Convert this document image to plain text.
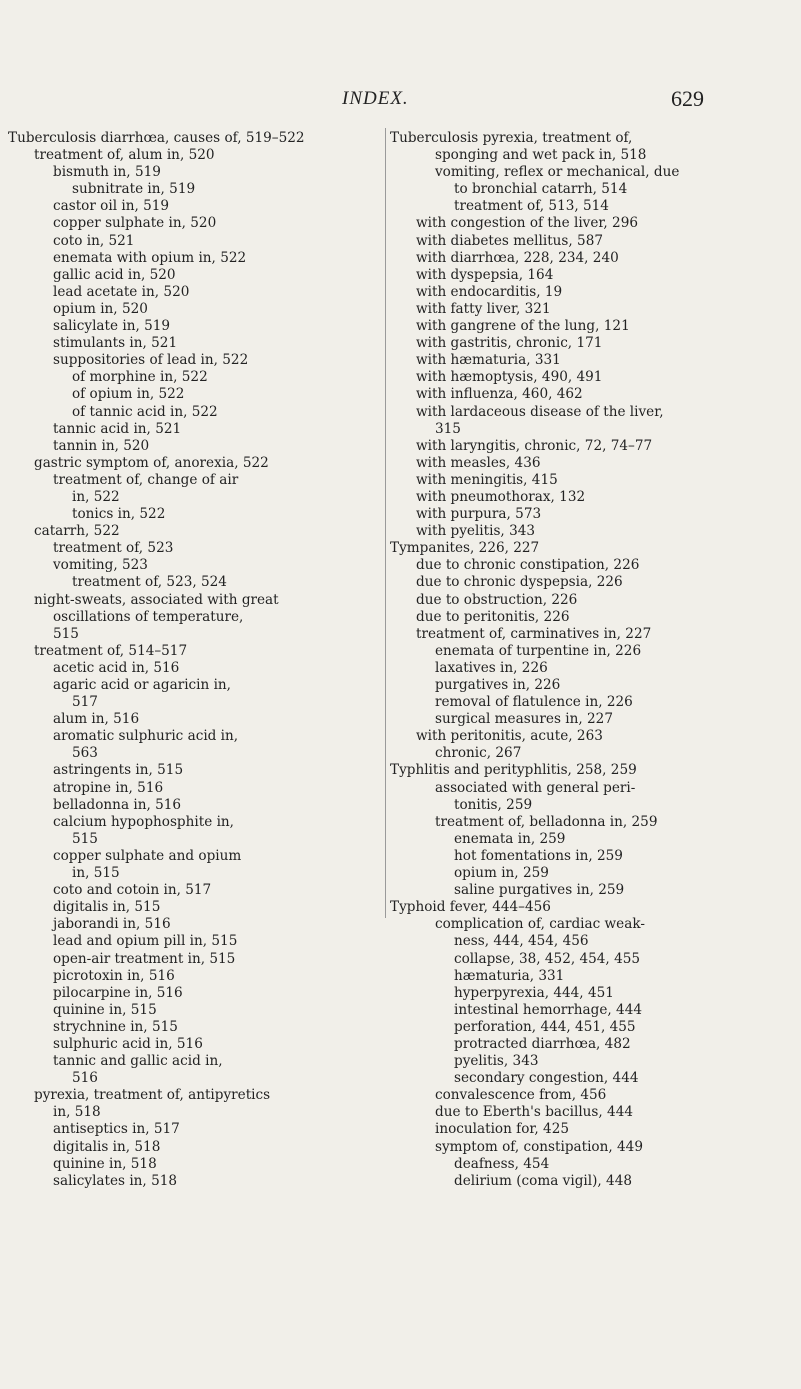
INDEX.	629
Tuberculosis diarrhœa, causes of, 519–522
treatment of, alum in, 520
bismuth in, 519
subnitrate in, 519
castor oil in, 519
copper sulphate in, 520
coto in, 521
enemata with opium in, 522
gallic acid in, 520
lead acetate in, 520
opium in, 520
salicylate in, 519
stimulants in, 521
suppositories of lead in, 522
of morphine in, 522
of opium in, 522
of tannic acid in, 522
tannic acid in, 521
tannin in, 520
gastric symptom of, anorexia, 522
treatment of, change of air
in, 522
tonics in, 522
catarrh, 522
treatment of, 523
vomiting, 523
treatment of, 523, 524
night-sweats, associated with great
oscillations of temperature,
515
treatment of, 514–517
acetic acid in, 516
agaric acid or agaricin in,
517
alum in, 516
aromatic sulphuric acid in,
563
astringents in, 515
atropine in, 516
belladonna in, 516
calcium hypophosphite in,
515
copper sulphate and opium
in, 515
coto and cotoin in, 517
digitalis in, 515
jaborandi in, 516
lead and opium pill in, 515
open-air treatment in, 515
picrotoxin in, 516
pilocarpine in, 516
quinine in, 515
strychnine in, 515
sulphuric acid in, 516
tannic and gallic acid in,
516
pyrexia, treatment of, antipyretics
in, 518
antiseptics in, 517
digitalis in, 518
quinine in, 518
salicylates in, 518
Tuberculosis pyrexia, treatment of,
sponging and wet pack in, 518
vomiting, reflex or mechanical, due
to bronchial catarrh, 514
treatment of, 513, 514
with congestion of the liver, 296
with diabetes mellitus, 587
with diarrhœa, 228, 234, 240
with dyspepsia, 164
with endocarditis, 19
with fatty liver, 321
with gangrene of the lung, 121
with gastritis, chronic, 171
with hæmaturia, 331
with hæmoptysis, 490, 491
with influenza, 460, 462
with lardaceous disease of the liver,
315
with laryngitis, chronic, 72, 74–77
with measles, 436
with meningitis, 415
with pneumothorax, 132
with purpura, 573
with pyelitis, 343
Tympanites, 226, 227
due to chronic constipation, 226
due to chronic dyspepsia, 226
due to obstruction, 226
due to peritonitis, 226
treatment of, carminatives in, 227
enemata of turpentine in, 226
laxatives in, 226
purgatives in, 226
removal of flatulence in, 226
surgical measures in, 227
with peritonitis, acute, 263
chronic, 267
Typhlitis and perityphlitis, 258, 259
associated with general peri-
tonitis, 259
treatment of, belladonna in, 259
enemata in, 259
hot fomentations in, 259
opium in, 259
saline purgatives in, 259
Typhoid fever, 444–456
complication of, cardiac weak-
ness, 444, 454, 456
collapse, 38, 452, 454, 455
hæmaturia, 331
hyperpyrexia, 444, 451
intestinal hemorrhage, 444
perforation, 444, 451, 455
protracted diarrhœa, 482
pyelitis, 343
secondary congestion, 444
convalescence from, 456
due to Eberth's bacillus, 444
inoculation for, 425
symptom of, constipation, 449
deafness, 454
delirium (coma vigil), 448
